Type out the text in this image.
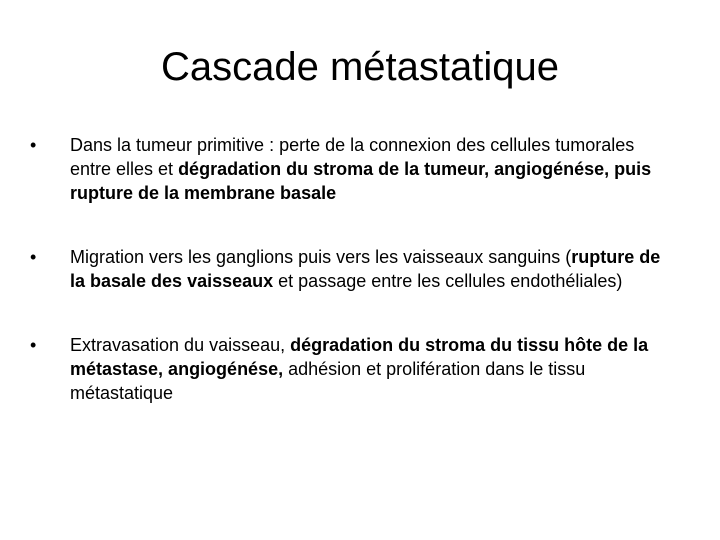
Cascade métastatique
• Dans la tumeur primitive : perte de la connexion des cellules tumorales entre elles et dégradation du stroma de la tumeur, angiogénése, puis rupture de la membrane basale
• Migration vers les ganglions puis vers les vaisseaux sanguins (rupture de la basale des vaisseaux et passage entre les cellules endothéliales)
• Extravasation du vaisseau, dégradation du stroma du tissu hôte de la métastase, angiogénése, adhésion et prolifération dans le tissu métastatique
